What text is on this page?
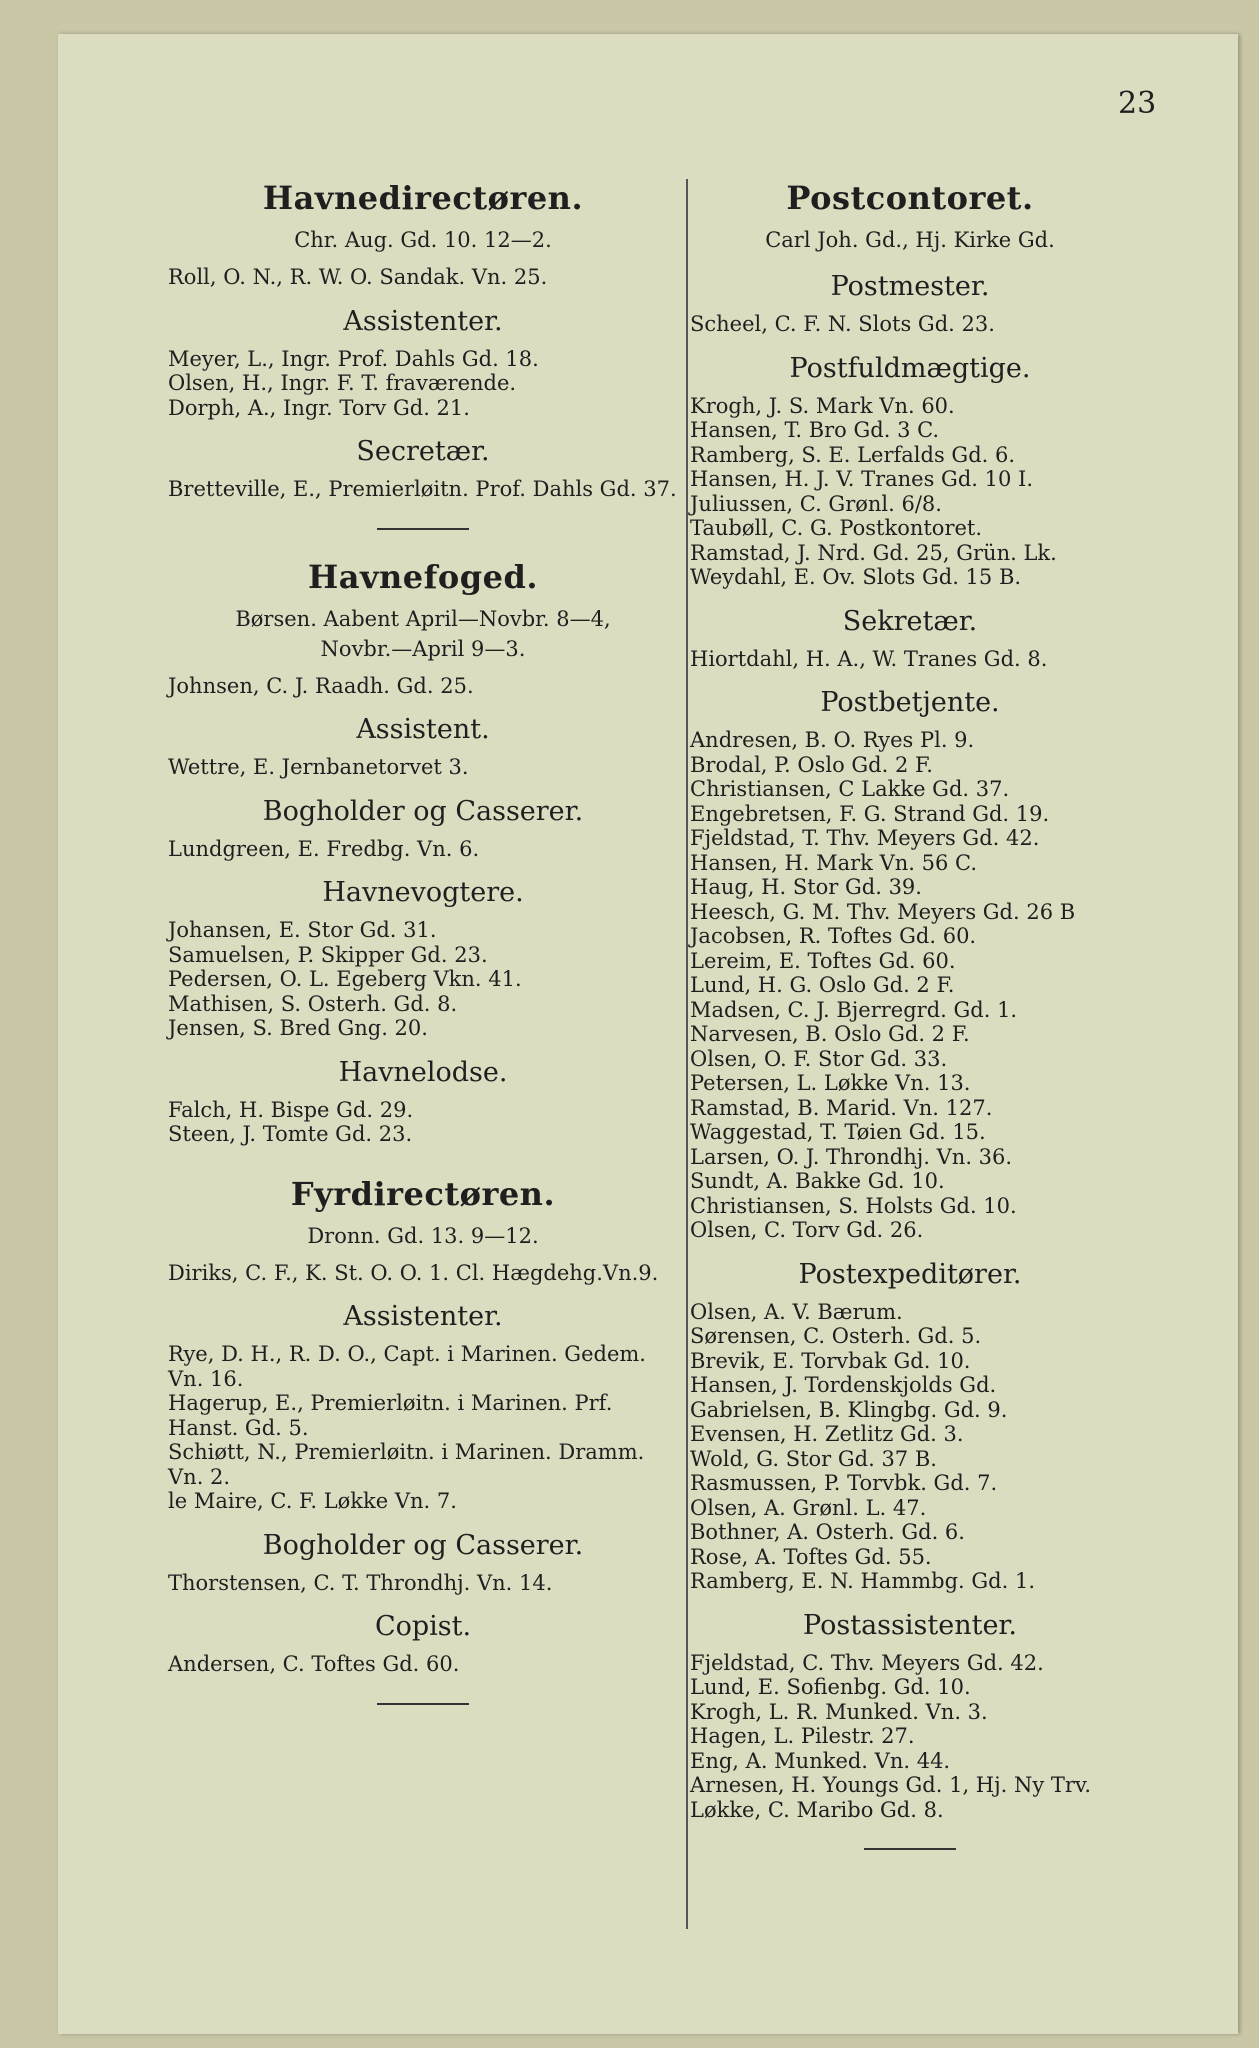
23
Havnedirectøren.
Chr. Aug. Gd. 10. 12—2.
Roll, O. N., R. W. O. Sandak. Vn. 25.
Assistenter.
Meyer, L., Ingr. Prof. Dahls Gd. 18.
Olsen, H., Ingr. F. T. fraværende.
Dorph, A., Ingr. Torv Gd. 21.
Secretær.
Bretteville, E., Premierløitn. Prof. Dahls Gd. 37.
Havnefoged.
Børsen. Aabent April—Novbr. 8—4,
Novbr.—April 9—3.
Johnsen, C. J. Raadh. Gd. 25.
Assistent.
Wettre, E. Jernbanetorvet 3.
Bogholder og Casserer.
Lundgreen, E. Fredbg. Vn. 6.
Havnevogtere.
Johansen, E. Stor Gd. 31.
Samuelsen, P. Skipper Gd. 23.
Pedersen, O. L. Egeberg Vkn. 41.
Mathisen, S. Osterh. Gd. 8.
Jensen, S. Bred Gng. 20.
Havnelodse.
Falch, H. Bispe Gd. 29.
Steen, J. Tomte Gd. 23.
Fyrdirectøren.
Dronn. Gd. 13. 9—12.
Diriks, C. F., K. St. O. O. 1. Cl. Hægdehg.Vn.9.
Assistenter.
Rye, D. H., R. D. O., Capt. i Marinen. Gedem. Vn. 16.
Hagerup, E., Premierløitn. i Marinen. Prf. Hanst. Gd. 5.
Schiøtt, N., Premierløitn. i Marinen. Dramm. Vn. 2.
le Maire, C. F. Løkke Vn. 7.
Bogholder og Casserer.
Thorstensen, C. T. Throndhj. Vn. 14.
Copist.
Andersen, C. Toftes Gd. 60.
Postcontoret.
Carl Joh. Gd., Hj. Kirke Gd.
Postmester.
Scheel, C. F. N. Slots Gd. 23.
Postfuldmægtige.
Krogh, J. S. Mark Vn. 60.
Hansen, T. Bro Gd. 3 C.
Ramberg, S. E. Lerfalds Gd. 6.
Hansen, H. J. V. Tranes Gd. 10 I.
Juliussen, C. Grønl. 6/8.
Taubøll, C. G. Postkontoret.
Ramstad, J. Nrd. Gd. 25, Grün. Lk.
Weydahl, E. Ov. Slots Gd. 15 B.
Sekretær.
Hiortdahl, H. A., W. Tranes Gd. 8.
Postbetjente.
Andresen, B. O. Ryes Pl. 9.
Brodal, P. Oslo Gd. 2 F.
Christiansen, C Lakke Gd. 37.
Engebretsen, F. G. Strand Gd. 19.
Fjeldstad, T. Thv. Meyers Gd. 42.
Hansen, H. Mark Vn. 56 C.
Haug, H. Stor Gd. 39.
Heesch, G. M. Thv. Meyers Gd. 26 B
Jacobsen, R. Toftes Gd. 60.
Lereim, E. Toftes Gd. 60.
Lund, H. G. Oslo Gd. 2 F.
Madsen, C. J. Bjerregrd. Gd. 1.
Narvesen, B. Oslo Gd. 2 F.
Olsen, O. F. Stor Gd. 33.
Petersen, L. Løkke Vn. 13.
Ramstad, B. Marid. Vn. 127.
Waggestad, T. Tøien Gd. 15.
Larsen, O. J. Throndhj. Vn. 36.
Sundt, A. Bakke Gd. 10.
Christiansen, S. Holsts Gd. 10.
Olsen, C. Torv Gd. 26.
Postexpeditører.
Olsen, A. V. Bærum.
Sørensen, C. Osterh. Gd. 5.
Brevik, E. Torvbak Gd. 10.
Hansen, J. Tordenskjolds Gd.
Gabrielsen, B. Klingbg. Gd. 9.
Evensen, H. Zetlitz Gd. 3.
Wold, G. Stor Gd. 37 B.
Rasmussen, P. Torvbk. Gd. 7.
Olsen, A. Grønl. L. 47.
Bothner, A. Osterh. Gd. 6.
Rose, A. Toftes Gd. 55.
Ramberg, E. N. Hammbg. Gd. 1.
Postassistenter.
Fjeldstad, C. Thv. Meyers Gd. 42.
Lund, E. Sofienbg. Gd. 10.
Krogh, L. R. Munked. Vn. 3.
Hagen, L. Pilestr. 27.
Eng, A. Munked. Vn. 44.
Arnesen, H. Youngs Gd. 1, Hj. Ny Trv.
Løkke, C. Maribo Gd. 8.
